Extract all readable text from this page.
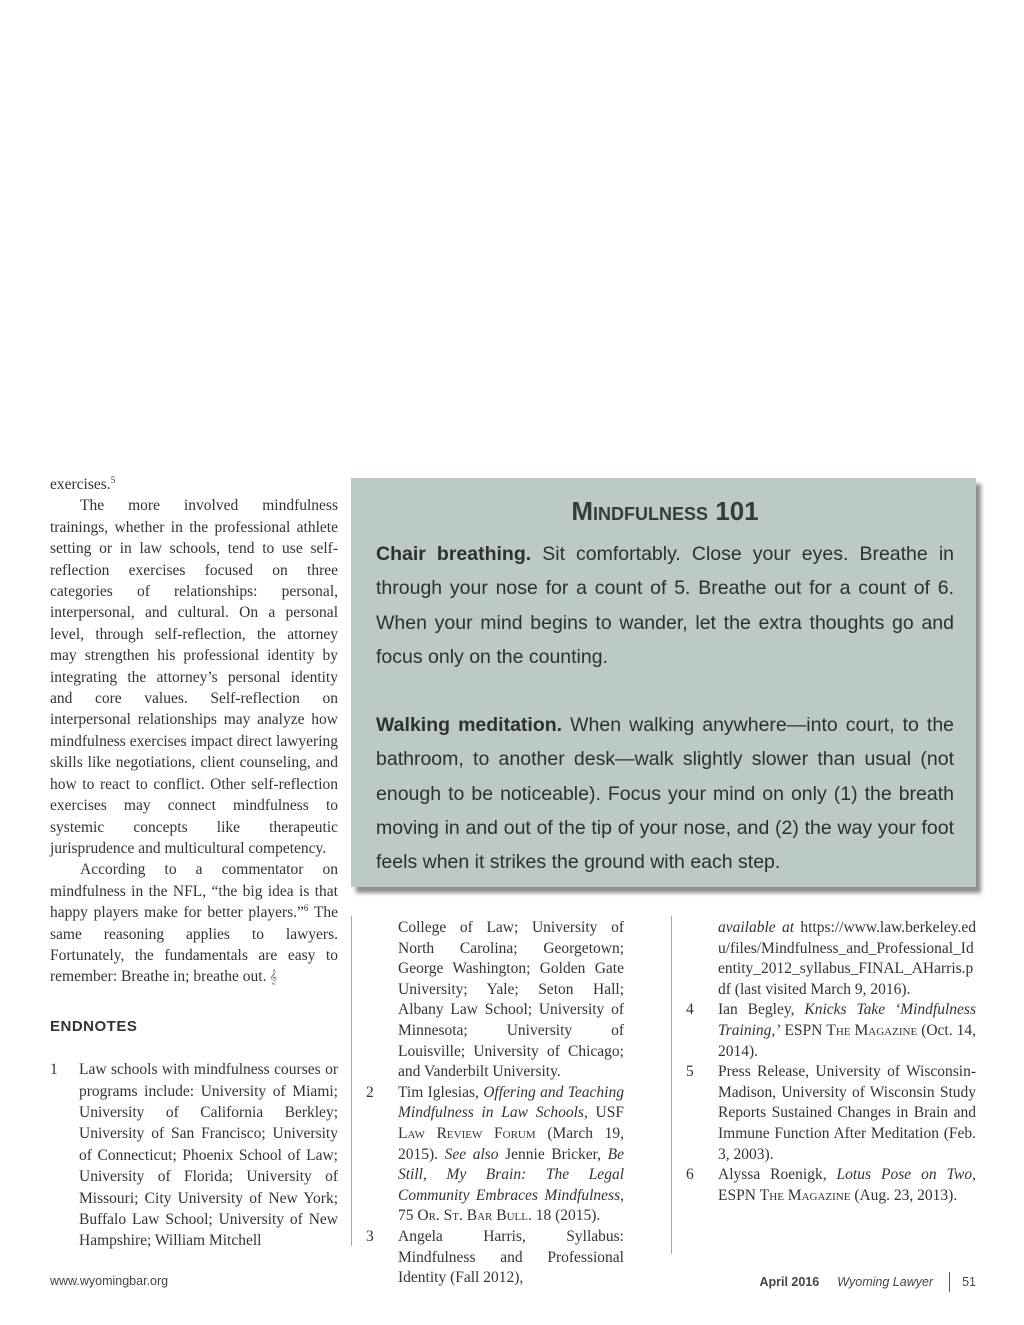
exercises.$^5$

The more involved mindfulness trainings, whether in the professional athlete setting or in law schools, tend to use self-reflection exercises focused on three categories of relationships: personal, interpersonal, and cultural. On a personal level, through self-reflection, the attorney may strengthen his professional identity by integrating the attorney’s personal identity and core values. Self-reflection on interpersonal relationships may analyze how mindfulness exercises impact direct lawyering skills like negotiations, client counseling, and how to react to conflict. Other self-reflection exercises may connect mindfulness to systemic concepts like therapeutic jurisprudence and multicultural competency.

According to a commentator on mindfulness in the NFL, “the big idea is that happy players make for better players.”$^6$ The same reasoning applies to lawyers. Fortunately, the fundamentals are easy to remember: Breathe in; breathe out. 𝄞

ENDNOTES
1	Law schools with mindfulness courses or programs include: University of Miami; University of California Berkley; University of San Francisco; University of Connecticut; Phoenix School of Law; University of Florida; University of Missouri; City University of New York; Buffalo Law School; University of New Hampshire; William Mitchell
Mindfulness 101

Chair breathing. Sit comfortably. Close your eyes. Breathe in through your nose for a count of 5. Breathe out for a count of 6. When your mind begins to wander, let the extra thoughts go and focus only on the counting.

Walking meditation. When walking anywhere—into court, to the bathroom, to another desk—walk slightly slower than usual (not enough to be noticeable). Focus your mind on only (1) the breath moving in and out of the tip of your nose, and (2) the way your foot feels when it strikes the ground with each step.

College of Law; University of North Carolina; Georgetown; George Washington; Golden Gate University; Yale; Seton Hall; Albany Law School; University of Minnesota; University of Louisville; University of Chicago; and Vanderbilt University.

2	Tim Iglesias, Offering and Teaching Mindfulness in Law Schools, USF Law Review Forum (March 19, 2015). See also Jennie Bricker, Be Still, My Brain: The Legal Community Embraces Mindfulness, 75 Or. St. Bar Bull. 18 (2015).
3	Angela Harris, Syllabus: Mindfulness and Professional Identity (Fall 2012),

available at https://www.law.berkeley.edu/files/Mindfulness_and_Professional_Identity_2012_syllabus_FINAL_AHarris.pdf (last visited March 9, 2016).

4	Ian Begley, Knicks Take ‘Mindfulness Training,’ ESPN The Magazine (Oct. 14, 2014).
5	Press Release, University of Wisconsin-Madison, University of Wisconsin Study Reports Sustained Changes in Brain and Immune Function After Meditation (Feb. 3, 2003).
6	Alyssa Roenigk, Lotus Pose on Two, ESPN The Magazine (Aug. 23, 2013).
www.wyomingbar.org	April 2016 Wyoming Lawyer 51
